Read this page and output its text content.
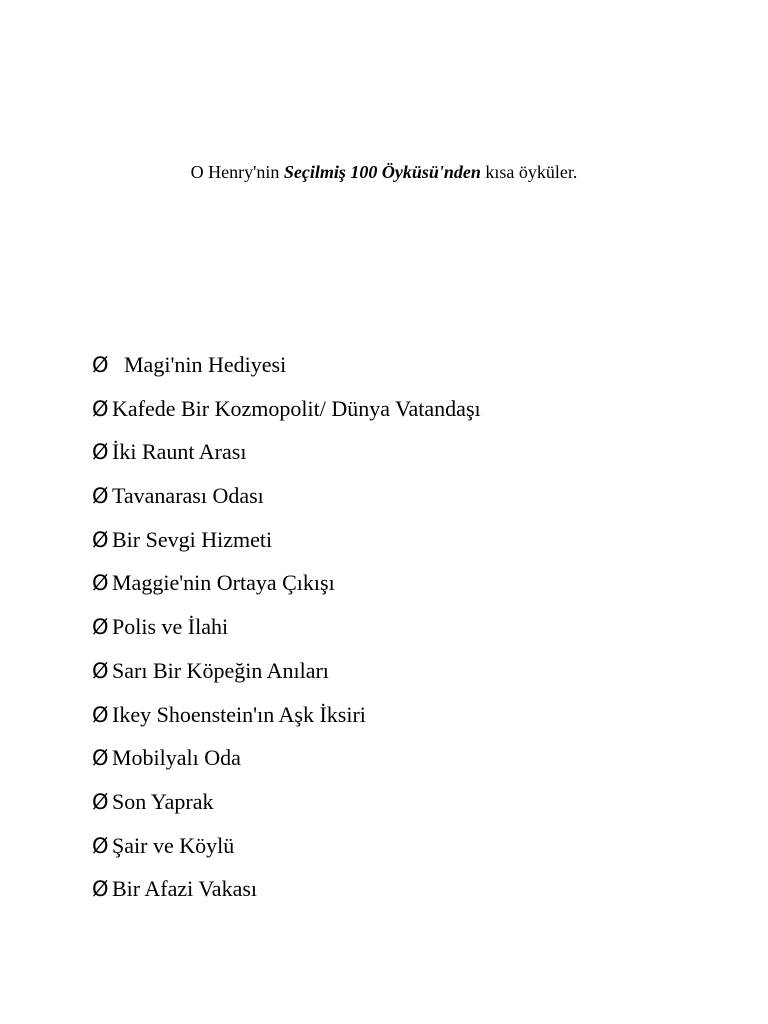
O Henry'nin Seçilmiş 100 Öyküsü'nden kısa öyküler.

Ø Magi'nin Hediyesi
Ø Kafede Bir Kozmopolit/ Dünya Vatandaşı
Ø İki Raunt Arası
Ø Tavanarası Odası
Ø Bir Sevgi Hizmeti
Ø Maggie'nin Ortaya Çıkışı
Ø Polis ve İlahi
Ø Sarı Bir Köpeğin Anıları
Ø Ikey Shoenstein'ın Aşk İksiri
Ø Mobilyalı Oda
Ø Son Yaprak
Ø Şair ve Köylü
Ø Bir Afazi Vakası
